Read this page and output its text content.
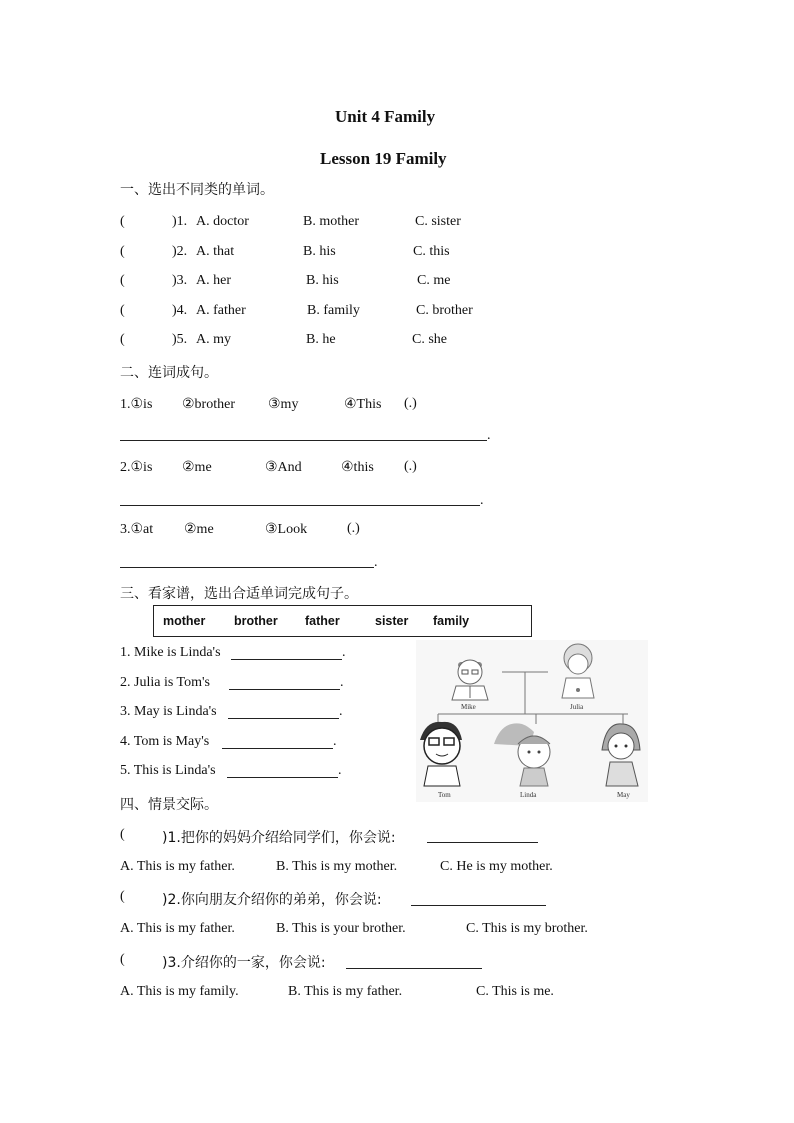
Unit 4 Family
Lesson 19 Family
一、选出不同类的单词。
(	)1. A. doctor	B. mother	C. sister
(	)2. A. that	B. his	C. this
(	)3. A. her	B. his	C. me
(	)4. A. father	B. family	C. brother
(	)5. A. my	B. he	C. she
二、连词成句。
1.①is ②brother ③my	④This (.)
.
2.①is ②me	③And	④this (.)
.
3.①at ②me	③Look	(.)
.
三、看家谱，选出合适单词完成句子。
mother brother father	sister family
1. Mike is Linda's	.
2. Julia is Tom's	.
3. May is Linda's	.
4. Tom is May's	.
5. This is Linda's	.
Mike	Julia
Tom	Linda	May
四、情景交际。
(	)1.把你的妈妈介绍给同学们，你会说:
A. This is my father.	B. This is my mother.	C. He is my mother.
(	)2.你向朋友介绍你的弟弟，你会说:
A. This is my father.	B. This is your brother.	C. This is my brother.
(	)3.介绍你的一家，你会说:
A. This is my family.	B. This is my father.	C. This is me.
